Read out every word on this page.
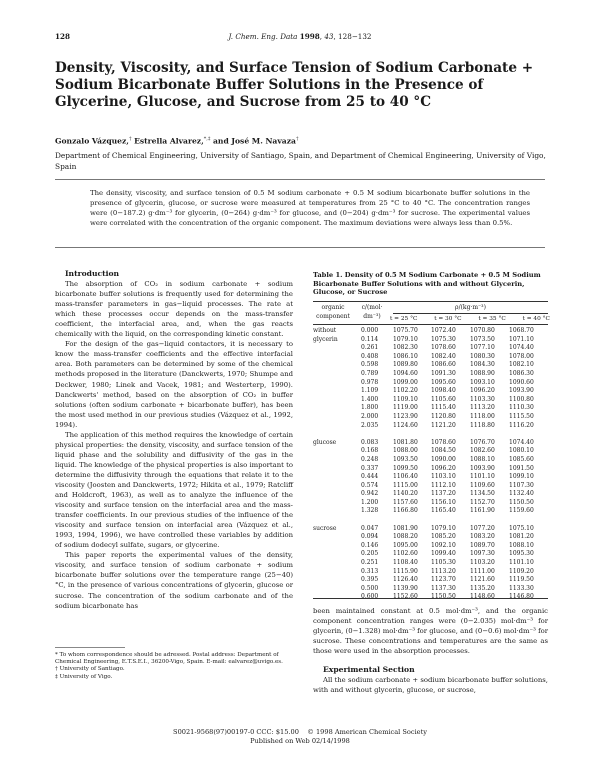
128	J. Chem. Eng. Data 1998, 43, 128−132
Density, Viscosity, and Surface Tension of Sodium Carbonate + Sodium Bicarbonate Buffer Solutions in the Presence of Glycerine, Glucose, and Sucrose from 25 to 40 °C
Gonzalo Vázquez,† Estrella Alvarez,*,‡ and José M. Navaza†
Department of Chemical Engineering, University of Santiago, Spain, and Department of Chemical Engineering, University of Vigo, Spain
The density, viscosity, and surface tension of 0.5 M sodium carbonate + 0.5 M sodium bicarbonate buffer solutions in the presence of glycerin, glucose, or sucrose were measured at temperatures from 25 °C to 40 °C. The concentration ranges were (0−187.2) g·dm⁻³ for glycerin, (0−264) g·dm⁻³ for glucose, and (0−204) g·dm⁻³ for sucrose. The experimental values were correlated with the concentration of the organic component. The maximum deviations were always less than 0.5%.

Introduction

The absorption of CO₂ in sodium carbonate + sodium bicarbonate buffer solutions is frequently used for determining the mass-transfer parameters in gas−liquid processes. The rate at which these processes occur depends on the mass-transfer coefficient, the interfacial area, and, when the gas reacts chemically with the liquid, on the corresponding kinetic constant.

For the design of the gas−liquid contactors, it is necessary to know the mass-transfer coefficients and the effective interfacial area. Both parameters can be determined by some of the chemical methods proposed in the literature (Danckwerts, 1970; Shumpe and Deckwer, 1980; Linek and Vacek, 1981; and Westerterp, 1990). Danckwerts' method, based on the absorption of CO₂ in buffer solutions (often sodium carbonate + bicarbonate buffer), has been the most used method in our previous studies (Vázquez et al., 1992, 1994).

The application of this method requires the knowledge of certain physical properties: the density, viscosity, and surface tension of the liquid phase and the solubility and diffusivity of the gas in the liquid. The knowledge of the physical properties is also important to determine the diffusivity through the equations that relate it to the viscosity (Joosten and Danckwerts, 1972; Hikita et al., 1979; Ratcliff and Holdcroft, 1963), as well as to analyze the influence of the viscosity and surface tension on the interfacial area and the mass-transfer coefficients. In our previous studies of the influence of the viscosity and surface tension on interfacial area (Vázquez et al., 1993, 1994, 1996), we have controlled these variables by addition of sodium dodecyl sulfate, sugars, or glycerine.

This paper reports the experimental values of the density, viscosity, and surface tension of sodium carbonate + sodium bicarbonate buffer solutions over the temperature range (25−40) °C, in the presence of various concentrations of glycerin, glucose or sucrose. The concentration of the sodium carbonate and of the sodium bicarbonate has

* To whom correspondence should be adressed. Postal address: Department of Chemical Engineering, E.T.S.E.I., 36200-Vigo, Spain. E-mail: ealvarez@uvigo.es.

† University of Santiago.

‡ University of Vigo.

Table 1. Density of 0.5 M Sodium Carbonate + 0.5 M Sodium Bicarbonate Buffer Solutions with and without Glycerin, Glucose, or Sucrose
organic
component
c/(mol·
dm⁻³)
ρ/(kg·m⁻³)
t = 25 °C	t = 30 °C	t = 35 °C	t = 40 °C
without	0.000 1075.70 1072.40 1070.80 1068.70
glycerin	0.114 1079.10 1075.30 1073.50 1071.10
0.261 1082.30 1078.60 1077.10 1074.40
0.408 1086.10 1082.40 1080.30 1078.00
0.598 1089.80 1086.60 1084.30 1082.10
0.789 1094.60 1091.30 1088.90 1086.30
0.978 1099.00 1095.60 1093.10 1090.60
1.109 1102.20 1098.40 1096.20 1093.90
1.400 1109.10 1105.60 1103.30 1100.80
1.800 1119.00 1115.40 1113.20 1110.30
2.000 1123.90 1120.80 1118.00 1115.50
2.035 1124.60 1121.20 1118.80 1116.20
glucose	0.083 1081.80 1078.60 1076.70 1074.40
0.168 1088.00 1084.50 1082.60 1080.10
0.248 1093.50 1090.00 1088.10 1085.60
0.337 1099.50 1096.20 1093.90 1091.50
0.444 1106.40 1103.10 1101.10 1099.10
0.574 1115.00 1112.10 1109.60 1107.30
0.942 1140.20 1137.20 1134.50 1132.40
1.200 1157.60 1156.10 1152.70 1150.50
1.328 1166.80 1165.40 1161.90 1159.60
sucrose	0.047 1081.90 1079.10 1077.20 1075.10
0.094 1088.20 1085.20 1083.20 1081.20
0.146 1095.00 1092.10 1089.70 1088.10
0.205 1102.60 1099.40 1097.30 1095.30
0.251 1108.40 1105.30 1103.20 1101.10
0.313 1115.90 1113.20 1111.00 1109.20
0.395 1126.40 1123.70 1121.60 1119.50
0.500 1139.90 1137.30 1135.20 1133.30
0.600 1152.60 1150.50 1148.60 1146.80

been maintained constant at 0.5 mol·dm⁻³, and the organic component concentration ranges were (0−2.035) mol·dm⁻³ for glycerin, (0−1.328) mol·dm⁻³ for glucose, and (0−0.6) mol·dm⁻³ for sucrose. These concentrations and temperatures are the same as those were used in the absorption processes.

Experimental Section

All the sodium carbonate + sodium bicarbonate buffer solutions, with and without glycerin, glucose, or sucrose,

S0021-9568(97)00197-0 CCC: $15.00    © 1998 American Chemical Society
Published on Web 02/14/1998
